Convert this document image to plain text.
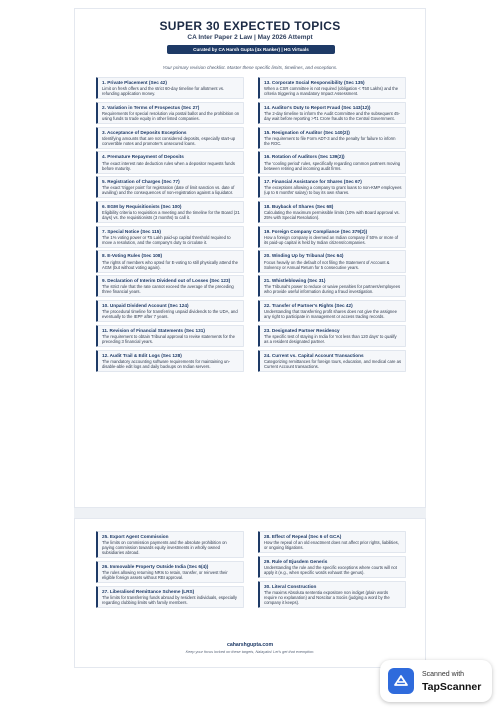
SUPER 30 EXPECTED TOPICS
CA Inter Paper 2 Law | May 2026 Attempt
Curated by CA Harsh Gupta (4x Ranker) | HG Virtuals
Your primary revision checklist. Master these specific limits, timelines, and exceptions.
1. Private Placement (Sec 42)
Limit on fresh offers and the strict 60-day timeline for allotment vs. refunding application money.
2. Variation in Terms of Prospectus (Sec 27)
Requirements for special resolution via postal ballot and the prohibition on using funds to trade equity in other listed companies.
3. Acceptance of Deposits Exceptions
Identifying amounts that are not considered deposits, especially start-up convertible notes and promoter's unsecured loans.
4. Premature Repayment of Deposits
The exact interest rate deduction rules when a depositor requests funds before maturity.
5. Registration of Charges (Sec 77)
The exact 'trigger point' for registration (date of limit sanction vs. date of availing) and the consequences of non-registration against a liquidator.
6. EGM by Requisitionists (Sec 100)
Eligibility criteria to requisition a meeting and the timeline for the Board (21 days) vs. the requisitionists (3 months) to call it.
7. Special Notice (Sec 115)
The 1% voting power or ₹5 Lakh paid-up capital threshold required to move a resolution, and the company's duty to circulate it.
8. E-Voting Rules (Sec 108)
The rights of members who opted for E-voting to still physically attend the AGM (but without voting again).
9. Declaration of Interim Dividend out of Losses (Sec 123)
The strict rule that the rate cannot exceed the average of the preceding three financial years.
10. Unpaid Dividend Account (Sec 124)
The procedural timeline for transferring unpaid dividends to the UDA, and eventually to the IEPF after 7 years.
11. Revision of Financial Statements (Sec 131)
The requirement to obtain Tribunal approval to revise statements for the preceding 3 financial years.
12. Audit Trail & Edit Logs (Sec 128)
The mandatory accounting software requirements for maintaining un-disable-able edit logs and daily backups on Indian servers.
13. Corporate Social Responsibility (Sec 135)
When a CSR committee is not required (obligation < ₹50 Lakhs) and the criteria triggering a mandatory Impact Assessment.
14. Auditor's Duty to Report Fraud (Sec 143(12))
The 2-day timeline to inform the Audit Committee and the subsequent 45-day wait before reporting >₹1 Crore frauds to the Central Government.
15. Resignation of Auditor (Sec 140(2))
The requirement to file Form ADT-3 and the penalty for failure to inform the ROC.
16. Rotation of Auditors (Sec 139(2))
The 'cooling period' rules, specifically regarding common partners moving between retiring and incoming audit firms.
17. Financial Assistance for Shares (Sec 67)
The exceptions allowing a company to grant loans to non-KMP employees (up to 6 months' salary) to buy its own shares.
18. Buyback of Shares (Sec 68)
Calculating the maximum permissible limits (10% with Board approval vs. 25% with Special Resolution).
19. Foreign Company Compliance (Sec 379(2))
How a foreign company is deemed an Indian company if 50% or more of its paid-up capital is held by Indian citizens/companies.
20. Winding Up by Tribunal (Sec 64)
Focus heavily on the default of not filing the Statement of Account & Solvency or Annual Return for 5 consecutive years.
21. Whistleblowing (Sec 31)
The Tribunal's power to reduce or waive penalties for partners/employees who provide useful information during a fraud investigation.
22. Transfer of Partner's Rights (Sec 42)
Understanding that transferring profit shares does not give the assignee any right to participate in management or access trading records.
23. Designated Partner Residency
The specific test of staying in India for 'not less than 120 days' to qualify as a resident designated partner.
24. Current vs. Capital Account Transactions
Categorizing remittances for foreign tours, education, and medical care as Current Account transactions.
25. Export Agent Commission
The limits on commission payments and the absolute prohibition on paying commission towards equity investments in wholly owned subsidiaries abroad.
26. Immovable Property Outside India (Sec 6(4))
The rules allowing returning NRIs to retain, transfer, or reinvest their eligible foreign assets without RBI approval.
27. Liberalised Remittance Scheme (LRS)
The limits for transferring funds abroad by resident individuals, especially regarding clubbing limits with family members.
28. Effect of Repeal (Sec 6 of GCA)
How the repeal of an old enactment does not affect prior rights, liabilities, or ongoing litigations.
29. Rule of Ejusdem Generis
Understanding the rule and the specific exceptions where courts will not apply it (e.g., when specific words exhaust the genus).
30. Literal Construction
The maxims Absoluta sententia expositore non indiget (plain words require no explanation) and Noscitur a Sociis (judging a word by the company it keeps).
caharshgupta.com
Keep your focus locked on these targets, Nalayaks! Let's get that exemption.
Scanned with
TapScanner
